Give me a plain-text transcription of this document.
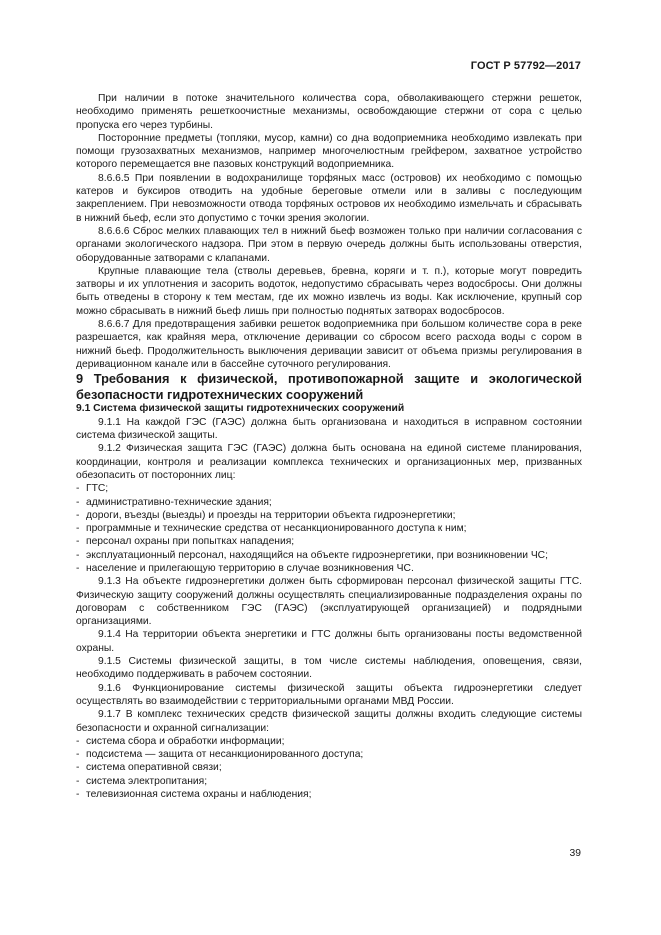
ГОСТ Р 57792—2017

При наличии в потоке значительного количества сора, обволакивающего стержни решеток, необходимо применять решеткоочистные механизмы, освобождающие стержни от сора с целью пропуска его через турбины.

Посторонние предметы (топляки, мусор, камни) со дна водоприемника необходимо извлекать при помощи грузозахватных механизмов, например многочелюстным грейфером, захватное устройство которого перемещается вне пазовых конструкций водоприемника.

8.6.6.5 При появлении в водохранилище торфяных масс (островов) их необходимо с помощью катеров и буксиров отводить на удобные береговые отмели или в заливы с последующим закреплением. При невозможности отвода торфяных островов их необходимо измельчать и сбрасывать в нижний бьеф, если это допустимо с точки зрения экологии.

8.6.6.6 Сброс мелких плавающих тел в нижний бьеф возможен только при наличии согласования с органами экологического надзора. При этом в первую очередь должны быть использованы отверстия, оборудованные затворами с клапанами.

Крупные плавающие тела (стволы деревьев, бревна, коряги и т. п.), которые могут повредить затворы и их уплотнения и засорить водоток, недопустимо сбрасывать через водосбросы. Они должны быть отведены в сторону к тем местам, где их можно извлечь из воды. Как исключение, крупный сор можно сбрасывать в нижний бьеф лишь при полностью поднятых затворах водосбросов.

8.6.6.7 Для предотвращения забивки решеток водоприемника при большом количестве сора в реке разрешается, как крайняя мера, отключение деривации со сбросом всего расхода воды с сором в нижний бьеф. Продолжительность выключения деривации зависит от объема призмы регулирования в деривационном канале или в бассейне суточного регулирования.

9 Требования к физической, противопожарной защите и экологической безопасности гидротехнических сооружений

9.1 Система физической защиты гидротехнических сооружений

9.1.1 На каждой ГЭС (ГАЭС) должна быть организована и находиться в исправном состоянии система физической защиты.

9.1.2 Физическая защита ГЭС (ГАЭС) должна быть основана на единой системе планирования, координации, контроля и реализации комплекса технических и организационных мер, призванных обезопасить от посторонних лиц:

- ГТС;
- административно-технические здания;
- дороги, въезды (выезды) и проезды на территории объекта гидроэнергетики;
- программные и технические средства от несанкционированного доступа к ним;
- персонал охраны при попытках нападения;
- эксплуатационный персонал, находящийся на объекте гидроэнергетики, при возникновении ЧС;
- население и прилегающую территорию в случае возникновения ЧС.

9.1.3 На объекте гидроэнергетики должен быть сформирован персонал физической защиты ГТС. Физическую защиту сооружений должны осуществлять специализированные подразделения охраны по договорам с собственником ГЭС (ГАЭС) (эксплуатирующей организацией) и подрядными организациями.

9.1.4 На территории объекта энергетики и ГТС должны быть организованы посты ведомственной охраны.

9.1.5 Системы физической защиты, в том числе системы наблюдения, оповещения, связи, необходимо поддерживать в рабочем состоянии.

9.1.6 Функционирование системы физической защиты объекта гидроэнергетики следует осуществлять во взаимодействии с территориальными органами МВД России.

9.1.7 В комплекс технических средств физической защиты должны входить следующие системы безопасности и охранной сигнализации:

- система сбора и обработки информации;
- подсистема — защита от несанкционированного доступа;
- система оперативной связи;
- система электропитания;
- телевизионная система охраны и наблюдения;
39
